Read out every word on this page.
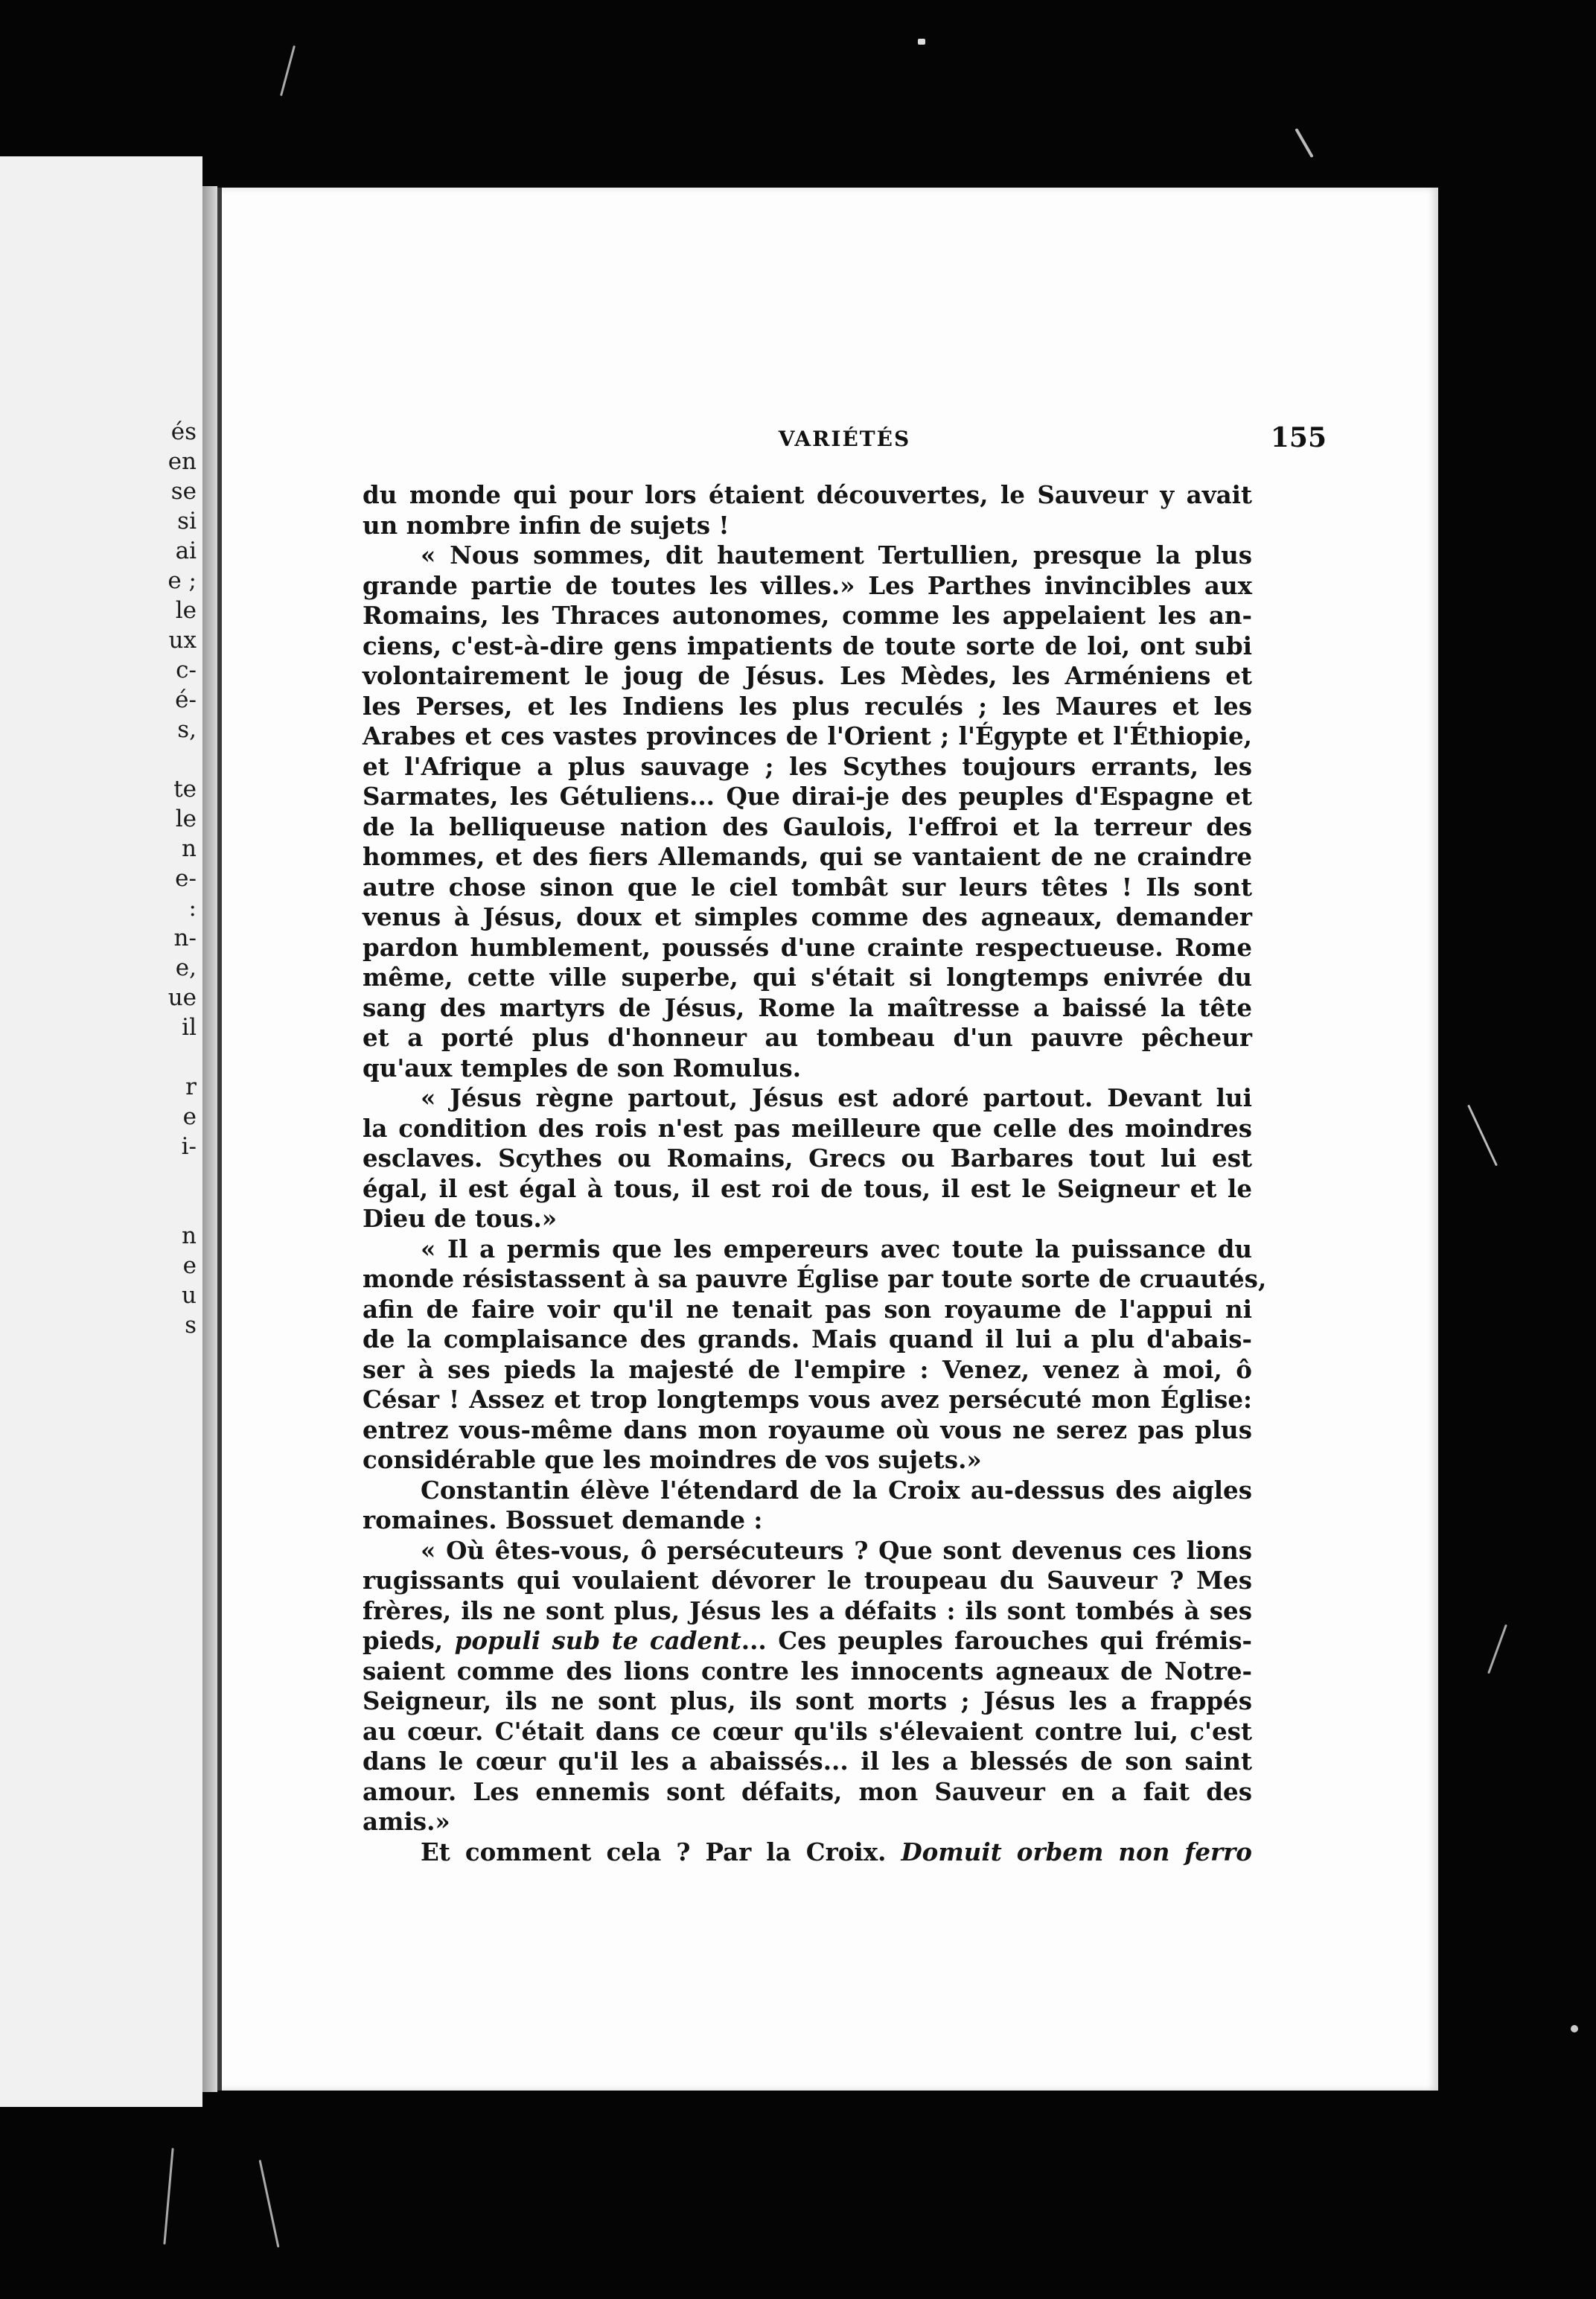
és
en
se
si
ai
e ;
le
ux
c-
é-
s,
te
le
n
e-
:
n-
e,
ue
il
r
e
i-
n
e
u
s
VARIÉTÉS	155
du monde qui pour lors étaient découvertes, le Sauveur y avait
un nombre infin de sujets !
« Nous sommes, dit hautement Tertullien, presque la plus
grande partie de toutes les villes.» Les Parthes invincibles aux
Romains, les Thraces autonomes, comme les appelaient les an-
ciens, c'est-à-dire gens impatients de toute sorte de loi, ont subi
volontairement le joug de Jésus. Les Mèdes, les Arméniens et
les Perses, et les Indiens les plus reculés ; les Maures et les
Arabes et ces vastes provinces de l'Orient ; l'Égypte et l'Éthiopie,
et l'Afrique a plus sauvage ; les Scythes toujours errants, les
Sarmates, les Gétuliens... Que dirai-je des peuples d'Espagne et
de la belliqueuse nation des Gaulois, l'effroi et la terreur des
hommes, et des fiers Allemands, qui se vantaient de ne craindre
autre chose sinon que le ciel tombât sur leurs têtes ! Ils sont
venus à Jésus, doux et simples comme des agneaux, demander
pardon humblement, poussés d'une crainte respectueuse. Rome
même, cette ville superbe, qui s'était si longtemps enivrée du
sang des martyrs de Jésus, Rome la maîtresse a baissé la tête
et a porté plus d'honneur au tombeau d'un pauvre pêcheur
qu'aux temples de son Romulus.
« Jésus règne partout, Jésus est adoré partout. Devant lui
la condition des rois n'est pas meilleure que celle des moindres
esclaves. Scythes ou Romains, Grecs ou Barbares tout lui est
égal, il est égal à tous, il est roi de tous, il est le Seigneur et le
Dieu de tous.»
« Il a permis que les empereurs avec toute la puissance du
monde résistassent à sa pauvre Église par toute sorte de cruautés,
afin de faire voir qu'il ne tenait pas son royaume de l'appui ni
de la complaisance des grands. Mais quand il lui a plu d'abais-
ser à ses pieds la majesté de l'empire : Venez, venez à moi, ô
César ! Assez et trop longtemps vous avez persécuté mon Église:
entrez vous-même dans mon royaume où vous ne serez pas plus
considérable que les moindres de vos sujets.»
Constantin élève l'étendard de la Croix au-dessus des aigles
romaines. Bossuet demande :
« Où êtes-vous, ô persécuteurs ? Que sont devenus ces lions
rugissants qui voulaient dévorer le troupeau du Sauveur ? Mes
frères, ils ne sont plus, Jésus les a défaits : ils sont tombés à ses
pieds, populi sub te cadent... Ces peuples farouches qui frémis-
saient comme des lions contre les innocents agneaux de Notre-
Seigneur, ils ne sont plus, ils sont morts ; Jésus les a frappés
au cœur. C'était dans ce cœur qu'ils s'élevaient contre lui, c'est
dans le cœur qu'il les a abaissés... il les a blessés de son saint
amour. Les ennemis sont défaits, mon Sauveur en a fait des
amis.»
Et comment cela ? Par la Croix. Domuit orbem non ferro
